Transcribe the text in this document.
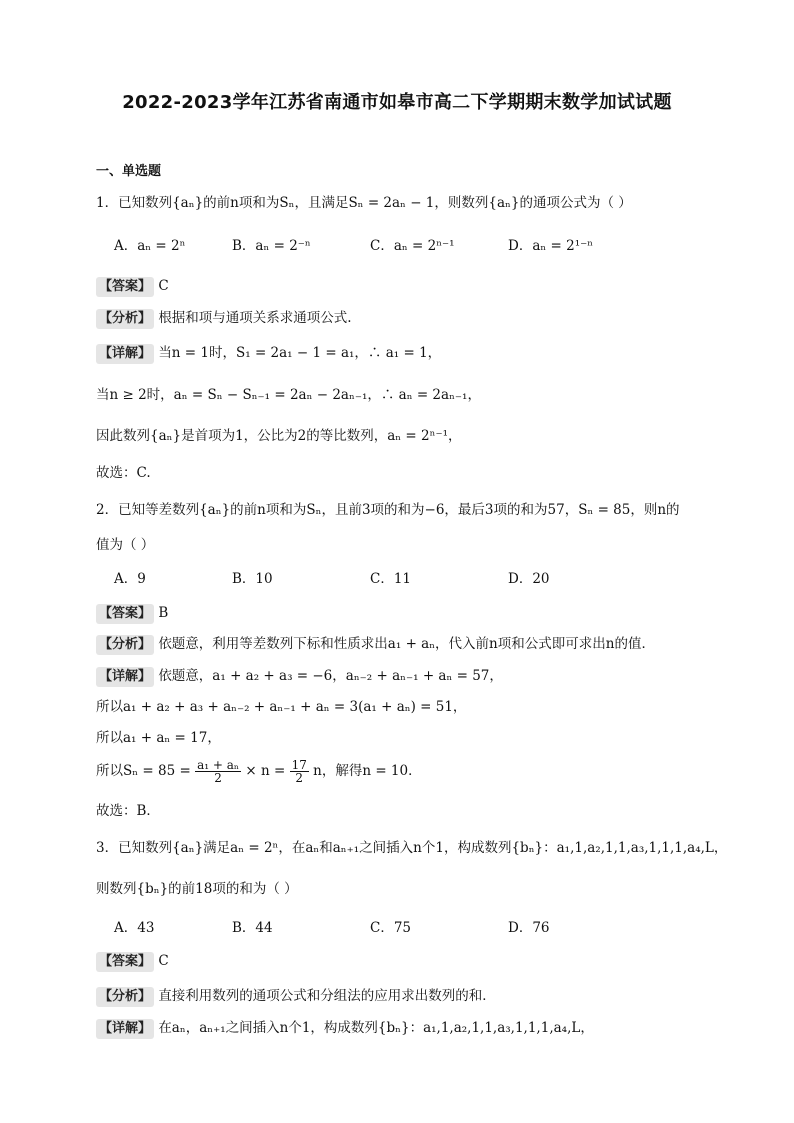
2022-2023学年江苏省南通市如皋市高二下学期期末数学加试试题
一、单选题
1．已知数列{aₙ}的前n项和为Sₙ，且满足Sₙ = 2aₙ − 1，则数列{aₙ}的通项公式为（ ）
A．aₙ = 2ⁿ	B．aₙ = 2⁻ⁿ	C．aₙ = 2ⁿ⁻¹	D．aₙ = 2¹⁻ⁿ
【答案】 C
【分析】 根据和项与通项关系求通项公式.
【详解】 当n = 1时，S₁ = 2a₁ − 1 = a₁，∴ a₁ = 1，
当n ≥ 2时，aₙ = Sₙ − Sₙ₋₁ = 2aₙ − 2aₙ₋₁，∴ aₙ = 2aₙ₋₁，
因此数列{aₙ}是首项为1，公比为2的等比数列，aₙ = 2ⁿ⁻¹，
故选：C.
2．已知等差数列{aₙ}的前n项和为Sₙ，且前3项的和为−6，最后3项的和为57，Sₙ = 85，则n的
值为（ ）
A．9	B．10	C．11	D．20
【答案】 B
【分析】 依题意，利用等差数列下标和性质求出a₁ + aₙ，代入前n项和公式即可求出n的值．
【详解】 依题意，a₁ + a₂ + a₃ = −6，aₙ₋₂ + aₙ₋₁ + aₙ = 57，
所以a₁ + a₂ + a₃ + aₙ₋₂ + aₙ₋₁ + aₙ = 3(a₁ + aₙ) = 51，
所以a₁ + aₙ = 17，
所以$S_n = 85 = \frac{\text{a₁ + aₙ}}{2} \times n = \frac{17}{2}$ n，解得n = 10．
故选：B．
3．已知数列{aₙ}满足aₙ = 2ⁿ，在aₙ和aₙ₊₁之间插入n个1，构成数列{bₙ}：a₁,1,a₂,1,1,a₃,1,1,1,a₄,L，
则数列{bₙ}的前18项的和为（ ）
A．43	B．44	C．75	D．76
【答案】 C
【分析】 直接利用数列的通项公式和分组法的应用求出数列的和．
【详解】 在aₙ，aₙ₊₁之间插入n个1，构成数列{bₙ}：a₁,1,a₂,1,1,a₃,1,1,1,a₄,L，
